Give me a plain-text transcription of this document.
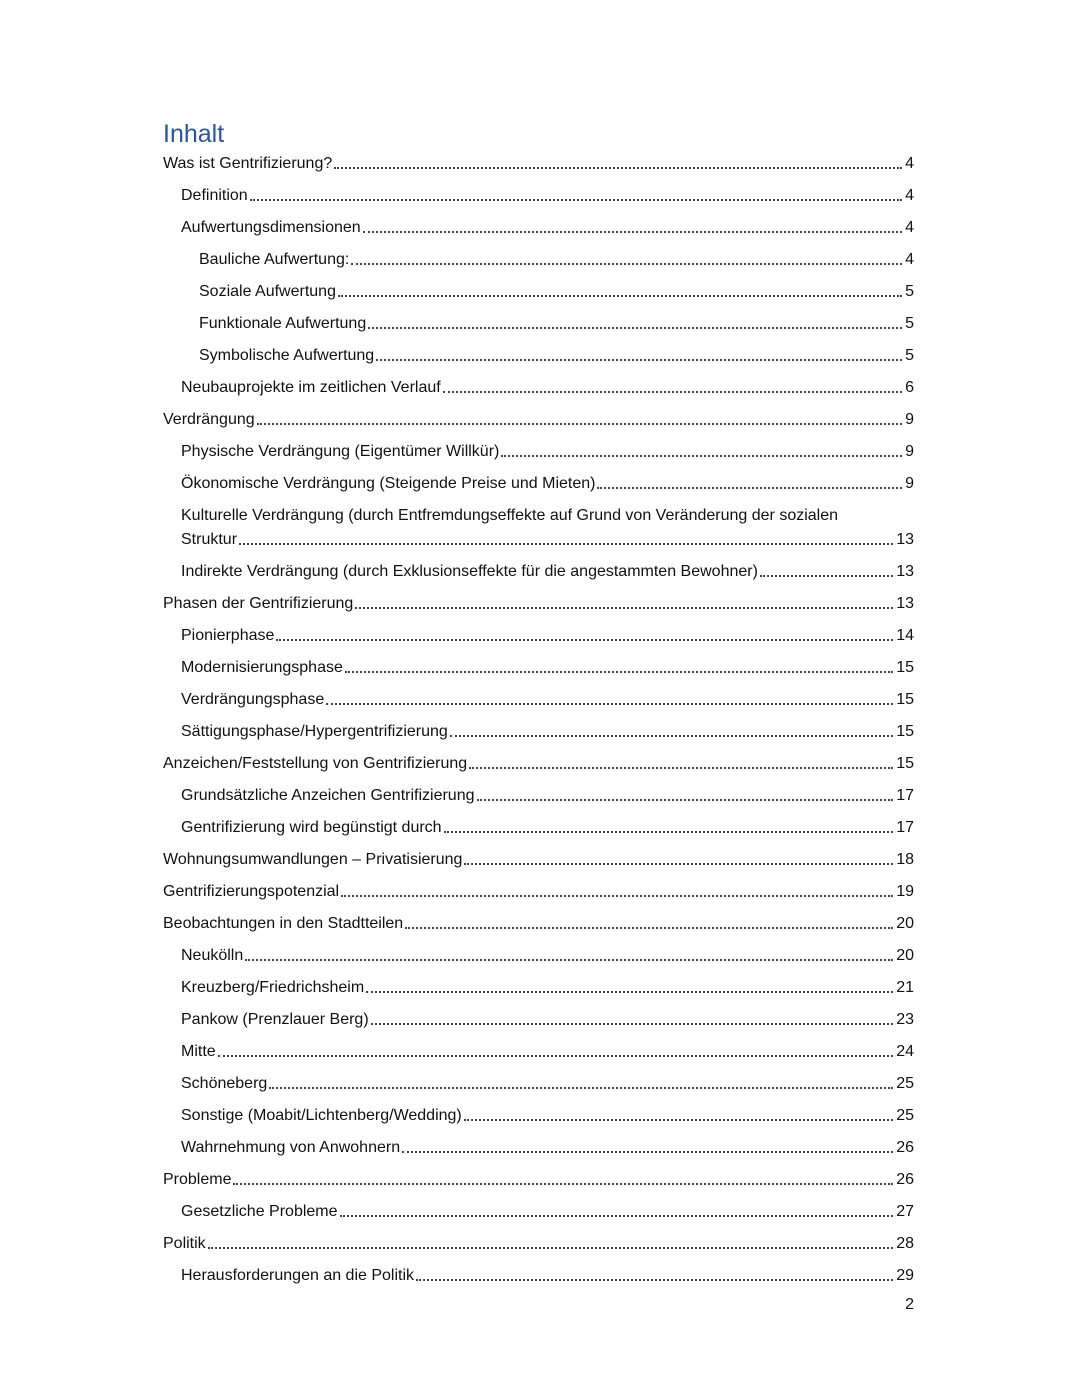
Inhalt
Was ist Gentrifizierung?	4
Definition	4
Aufwertungsdimensionen	4
Bauliche Aufwertung:	4
Soziale Aufwertung	5
Funktionale Aufwertung	5
Symbolische Aufwertung	5
Neubauprojekte im zeitlichen Verlauf	6
Verdrängung	9
Physische Verdrängung (Eigentümer Willkür)	9
Ökonomische Verdrängung (Steigende Preise und Mieten)	9
Kulturelle Verdrängung (durch Entfremdungseffekte auf Grund von Veränderung der sozialen
Struktur	13
Indirekte Verdrängung (durch Exklusionseffekte für die angestammten Bewohner)	13
Phasen der Gentrifizierung	13
Pionierphase	14
Modernisierungsphase	15
Verdrängungsphase	15
Sättigungsphase/Hypergentrifizierung	15
Anzeichen/Feststellung von Gentrifizierung	15
Grundsätzliche Anzeichen Gentrifizierung	17
Gentrifizierung wird begünstigt durch	17
Wohnungsumwandlungen – Privatisierung	18
Gentrifizierungspotenzial	19
Beobachtungen in den Stadtteilen	20
Neukölln	20
Kreuzberg/Friedrichsheim	21
Pankow (Prenzlauer Berg)	23
Mitte	24
Schöneberg	25
Sonstige (Moabit/Lichtenberg/Wedding)	25
Wahrnehmung von Anwohnern	26
Probleme	26
Gesetzliche Probleme	27
Politik	28
Herausforderungen an die Politik	29
2
